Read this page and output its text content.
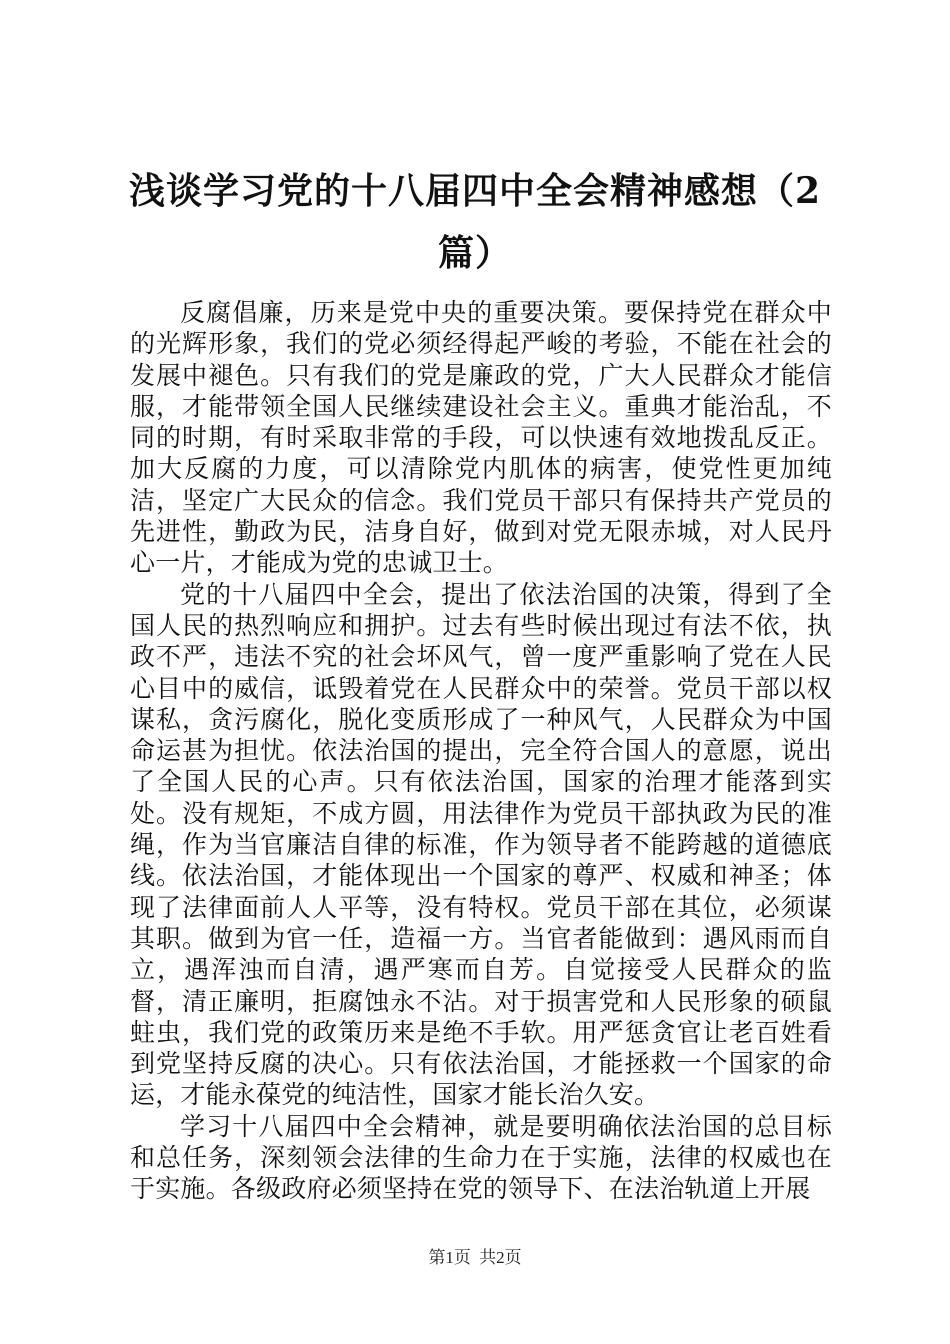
浅谈学习党的十八届四中全会精神感想（2篇）

反腐倡廉，历来是党中央的重要决策。要保持党在群众中的光辉形象，我们的党必须经得起严峻的考验，不能在社会的发展中褪色。只有我们的党是廉政的党，广大人民群众才能信服，才能带领全国人民继续建设社会主义。重典才能治乱，不同的时期，有时采取非常的手段，可以快速有效地拨乱反正。加大反腐的力度，可以清除党内肌体的病害，使党性更加纯洁，坚定广大民众的信念。我们党员干部只有保持共产党员的先进性，勤政为民，洁身自好，做到对党无限赤城，对人民丹心一片，才能成为党的忠诚卫士。

党的十八届四中全会，提出了依法治国的决策，得到了全国人民的热烈响应和拥护。过去有些时候出现过有法不依，执政不严，违法不究的社会坏风气，曾一度严重影响了党在人民心目中的威信，诋毁着党在人民群众中的荣誉。党员干部以权谋私，贪污腐化，脱化变质形成了一种风气，人民群众为中国命运甚为担忧。依法治国的提出，完全符合国人的意愿，说出了全国人民的心声。只有依法治国，国家的治理才能落到实处。没有规矩，不成方圆，用法律作为党员干部执政为民的准绳，作为当官廉洁自律的标准，作为领导者不能跨越的道德底线。依法治国，才能体现出一个国家的尊严、权威和神圣；体现了法律面前人人平等，没有特权。党员干部在其位，必须谋其职。做到为官一任，造福一方。当官者能做到：遇风雨而自立，遇浑浊而自清，遇严寒而自芳。自觉接受人民群众的监督，清正廉明，拒腐蚀永不沾。对于损害党和人民形象的硕鼠蛀虫，我们党的政策历来是绝不手软。用严惩贪官让老百姓看到党坚持反腐的决心。只有依法治国，才能拯救一个国家的命运，才能永葆党的纯洁性，国家才能长治久安。

学习十八届四中全会精神，就是要明确依法治国的总目标和总任务，深刻领会法律的生命力在于实施，法律的权威也在于实施。各级政府必须坚持在党的领导下、在法治轨道上开展

第1页 共2页
